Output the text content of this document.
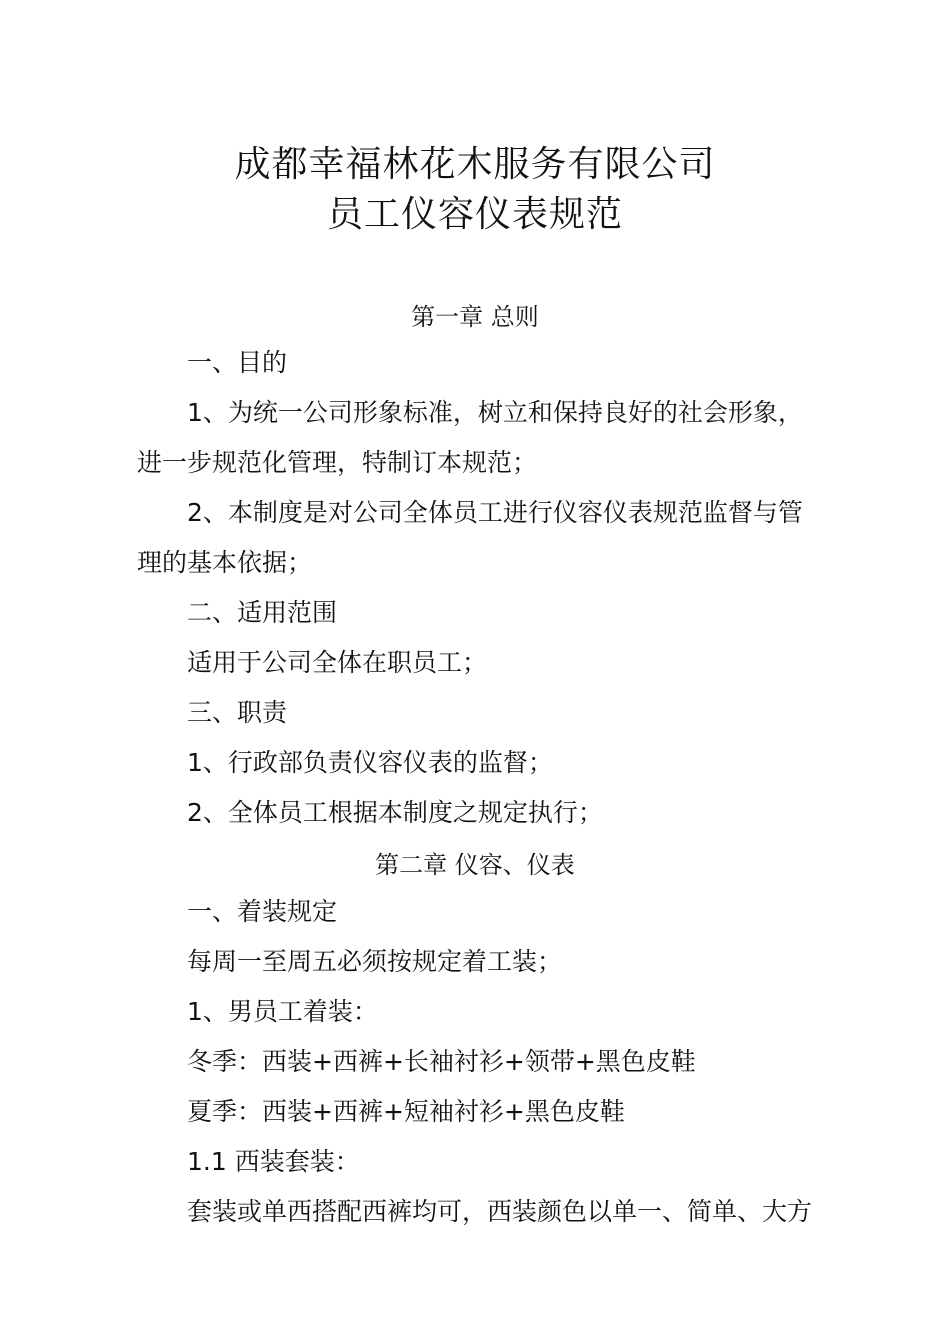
成都幸福林花木服务有限公司
员工仪容仪表规范
第一章 总则
一、目的
1、为统一公司形象标准，树立和保持良好的社会形象，
进一步规范化管理，特制订本规范；
2、本制度是对公司全体员工进行仪容仪表规范监督与管
理的基本依据；
二、适用范围
适用于公司全体在职员工；
三、职责
1、行政部负责仪容仪表的监督；
2、全体员工根据本制度之规定执行；
第二章 仪容、仪表
一、着装规定
每周一至周五必须按规定着工装；
1、男员工着装：
冬季：西装+西裤+长袖衬衫+领带+黑色皮鞋
夏季：西装+西裤+短袖衬衫+黑色皮鞋
1.1 西装套装：
套装或单西搭配西裤均可，西装颜色以单一、简单、大方
